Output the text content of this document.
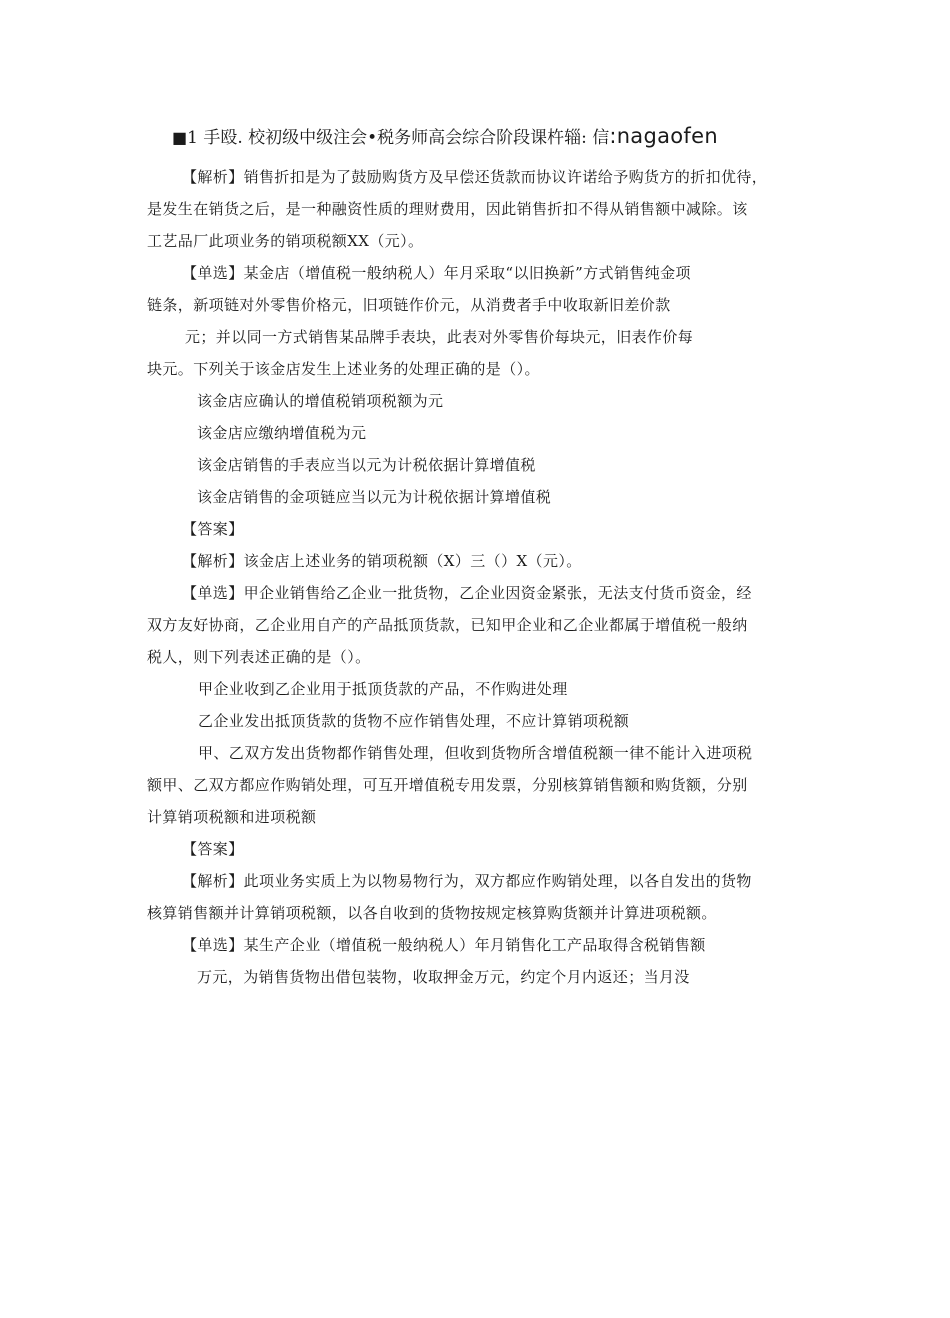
■1 手殴. 校初级中级注会•税务师高会综合阶段课杵辎: 信:nagaofen
【解析】销售折扣是为了鼓励购货方及早偿还货款而协议许诺给予购货方的折扣优待，
是发生在销货之后，是一种融资性质的理财费用，因此销售折扣不得从销售额中减除。该
工艺品厂此项业务的销项税额XX（元）。
【单选】某金店（增值税一般纳税人）年月采取“以旧换新”方式销售纯金项
链条，新项链对外零售价格元，旧项链作价元，从消费者手中收取新旧差价款
元；并以同一方式销售某品牌手表块，此表对外零售价每块元，旧表作价每
块元。下列关于该金店发生上述业务的处理正确的是（）。
该金店应确认的增值税销项税额为元
该金店应缴纳增值税为元
该金店销售的手表应当以元为计税依据计算增值税
该金店销售的金项链应当以元为计税依据计算增值税
【答案】
【解析】该金店上述业务的销项税额（X）三（）X（元）。
【单选】甲企业销售给乙企业一批货物，乙企业因资金紧张，无法支付货币资金，经
双方友好协商，乙企业用自产的产品抵顶货款，已知甲企业和乙企业都属于增值税一般纳
税人，则下列表述正确的是（）。
甲企业收到乙企业用于抵顶货款的产品，不作购进处理
乙企业发出抵顶货款的货物不应作销售处理，不应计算销项税额
甲、乙双方发出货物都作销售处理，但收到货物所含增值税额一律不能计入进项税
额甲、乙双方都应作购销处理，可互开增值税专用发票，分别核算销售额和购货额，分别
计算销项税额和进项税额
【答案】
【解析】此项业务实质上为以物易物行为，双方都应作购销处理，以各自发出的货物
核算销售额并计算销项税额，以各自收到的货物按规定核算购货额并计算进项税额。
【单选】某生产企业（增值税一般纳税人）年月销售化工产品取得含税销售额
万元，为销售货物出借包装物，收取押金万元，约定个月内返还；当月没
